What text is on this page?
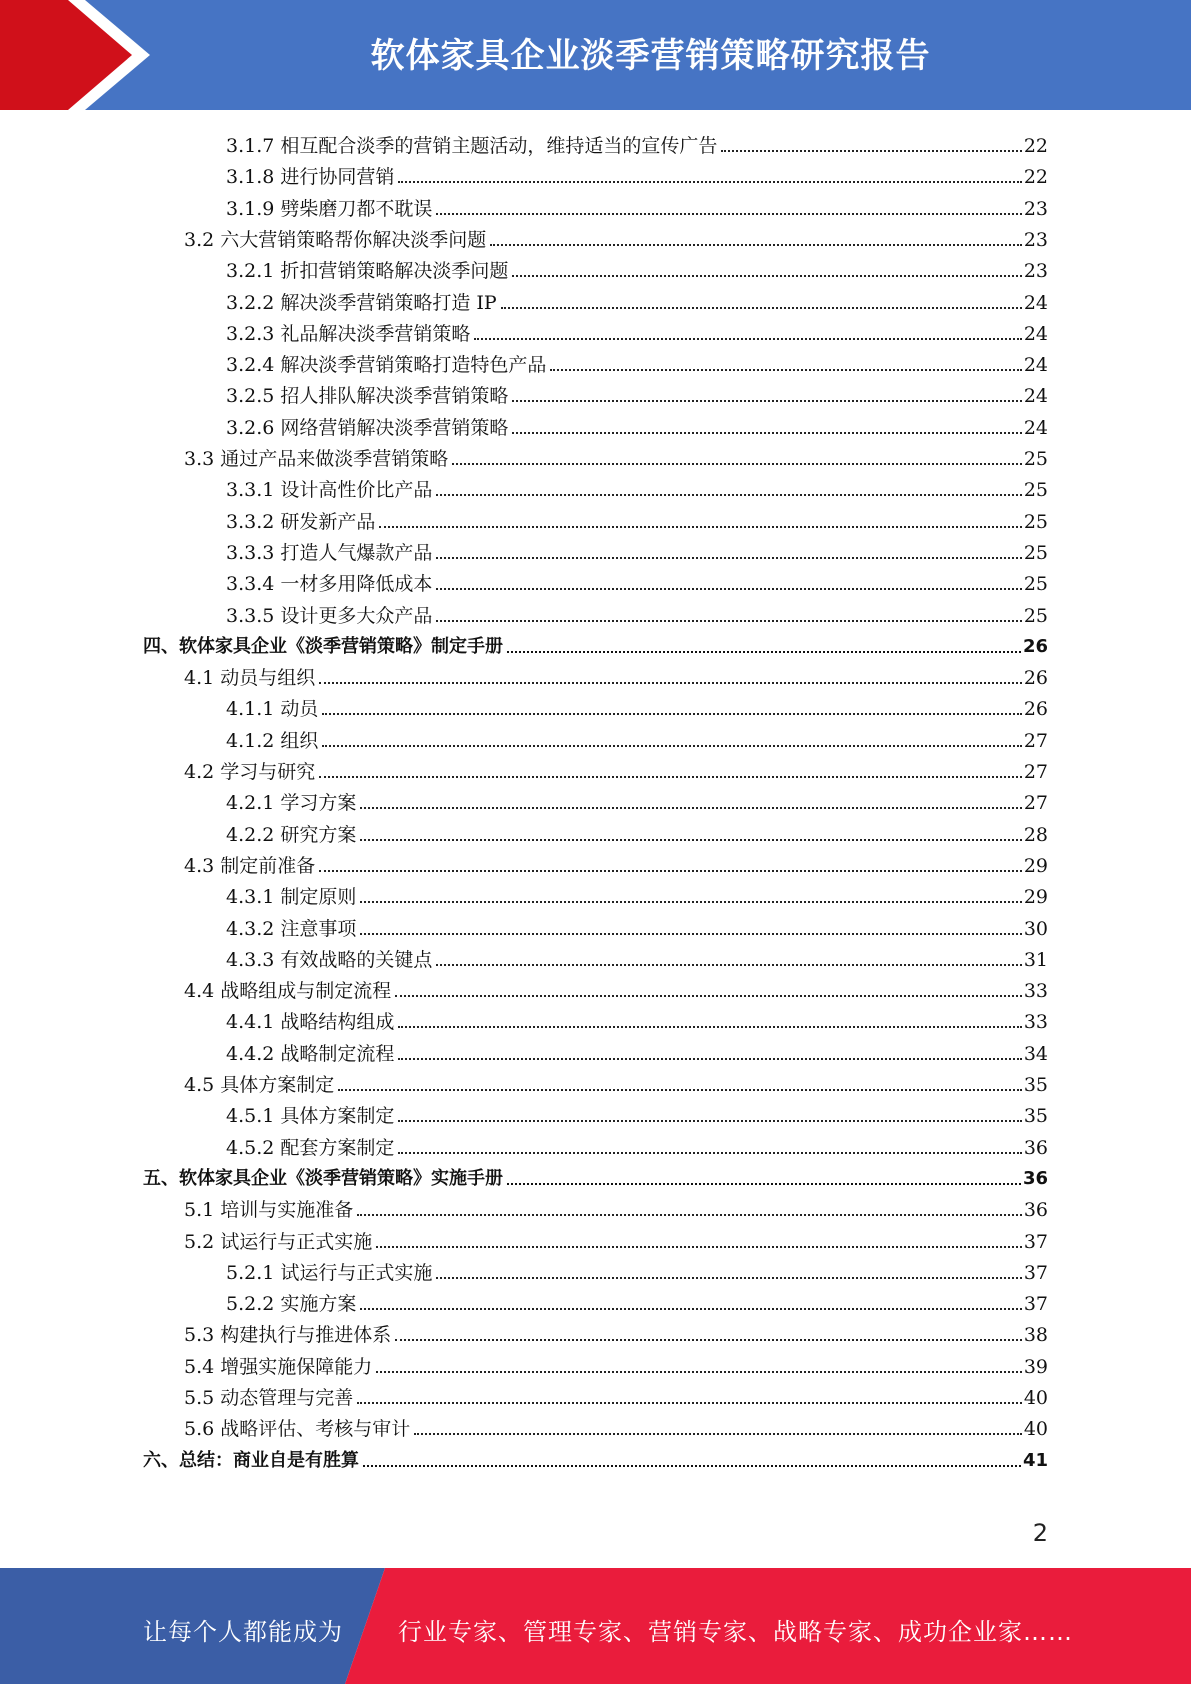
软体家具企业淡季营销策略研究报告
3.1.7 相互配合淡季的营销主题活动，维持适当的宣传广告	22
3.1.8 进行协同营销	22
3.1.9 劈柴磨刀都不耽误	23
3.2 六大营销策略帮你解决淡季问题	23
3.2.1 折扣营销策略解决淡季问题	23
3.2.2 解决淡季营销策略打造 IP	24
3.2.3 礼品解决淡季营销策略	24
3.2.4 解决淡季营销策略打造特色产品	24
3.2.5 招人排队解决淡季营销策略	24
3.2.6 网络营销解决淡季营销策略	24
3.3 通过产品来做淡季营销策略	25
3.3.1 设计高性价比产品	25
3.3.2 研发新产品	25
3.3.3 打造人气爆款产品	25
3.3.4 一材多用降低成本	25
3.3.5 设计更多大众产品	25
四、软体家具企业《淡季营销策略》制定手册	26
4.1 动员与组织	26
4.1.1 动员	26
4.1.2 组织	27
4.2 学习与研究	27
4.2.1 学习方案	27
4.2.2 研究方案	28
4.3 制定前准备	29
4.3.1 制定原则	29
4.3.2 注意事项	30
4.3.3 有效战略的关键点	31
4.4 战略组成与制定流程	33
4.4.1 战略结构组成	33
4.4.2 战略制定流程	34
4.5 具体方案制定	35
4.5.1 具体方案制定	35
4.5.2 配套方案制定	36
五、软体家具企业《淡季营销策略》实施手册	36
5.1 培训与实施准备	36
5.2 试运行与正式实施	37
5.2.1 试运行与正式实施	37
5.2.2 实施方案	37
5.3 构建执行与推进体系	38
5.4 增强实施保障能力	39
5.5 动态管理与完善	40
5.6 战略评估、考核与审计	40
六、总结：商业自是有胜算	41
2
让每个人都能成为 行业专家、管理专家、营销专家、战略专家、成功企业家……
